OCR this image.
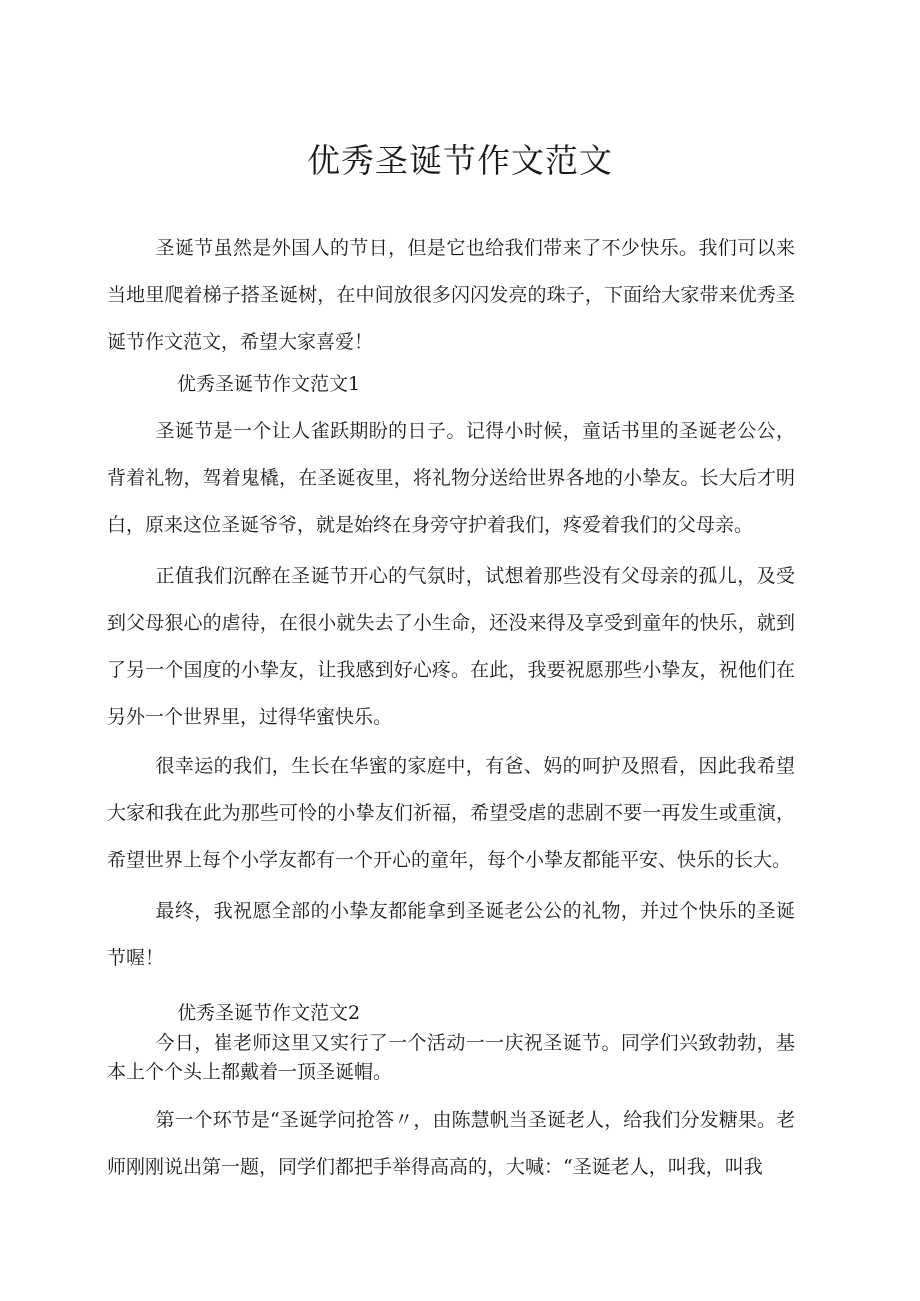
优秀圣诞节作文范文

圣诞节虽然是外国人的节日，但是它也给我们带来了不少快乐。我们可以来当地里爬着梯子搭圣诞树，在中间放很多闪闪发亮的珠子，下面给大家带来优秀圣诞节作文范文，希望大家喜爱！

优秀圣诞节作文范文1

圣诞节是一个让人雀跃期盼的日子。记得小时候，童话书里的圣诞老公公，背着礼物，驾着鬼橇，在圣诞夜里，将礼物分送给世界各地的小挚友。长大后才明白，原来这位圣诞爷爷，就是始终在身旁守护着我们，疼爱着我们的父母亲。

正值我们沉醉在圣诞节开心的气氛时，试想着那些没有父母亲的孤儿，及受到父母狠心的虐待，在很小就失去了小生命，还没来得及享受到童年的快乐，就到了另一个国度的小挚友，让我感到好心疼。在此，我要祝愿那些小挚友，祝他们在另外一个世界里，过得华蜜快乐。

很幸运的我们，生长在华蜜的家庭中，有爸、妈的呵护及照看，因此我希望大家和我在此为那些可怜的小挚友们祈福，希望受虐的悲剧不要一再发生或重演，希望世界上每个小学友都有一个开心的童年，每个小挚友都能平安、快乐的长大。

最终，我祝愿全部的小挚友都能拿到圣诞老公公的礼物，并过个快乐的圣诞节喔！

优秀圣诞节作文范文2

今日，崔老师这里又实行了一个活动一一庆祝圣诞节。同学们兴致勃勃，基本上个个头上都戴着一顶圣诞帽。

第一个环节是“圣诞学问抢答〃，由陈慧帆当圣诞老人，给我们分发糖果。老师刚刚说出第一题，同学们都把手举得高高的，大喊：“圣诞老人，叫我，叫我
